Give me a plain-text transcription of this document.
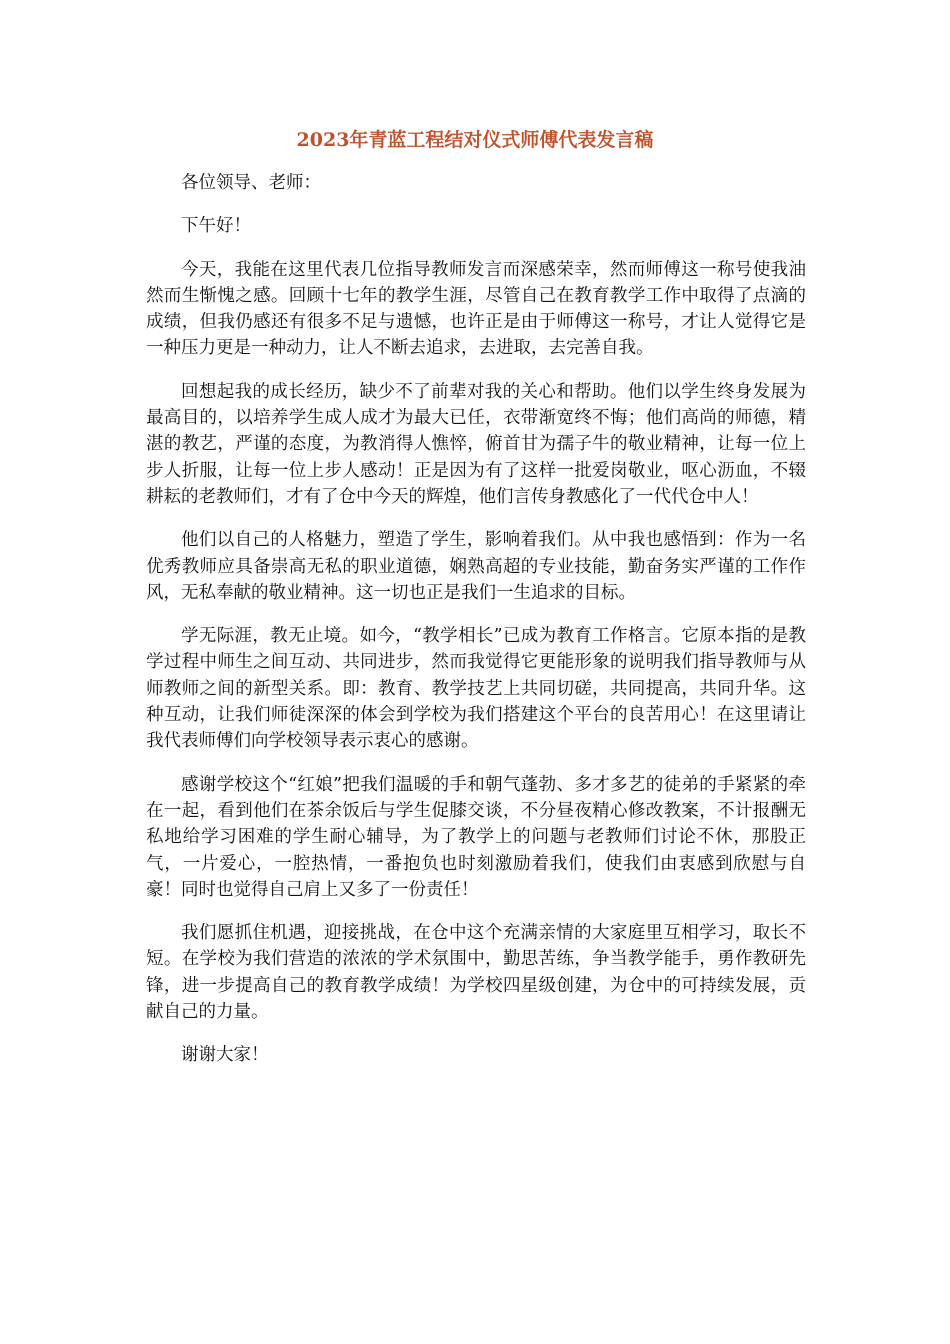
2023年青蓝工程结对仪式师傅代表发言稿

各位领导、老师：

下午好！

今天，我能在这里代表几位指导教师发言而深感荣幸，然而师傅这一称号使我油然而生惭愧之感。回顾十七年的教学生涯，尽管自己在教育教学工作中取得了点滴的成绩，但我仍感还有很多不足与遗憾，也许正是由于师傅这一称号，才让人觉得它是一种压力更是一种动力，让人不断去追求，去进取，去完善自我。

回想起我的成长经历，缺少不了前辈对我的关心和帮助。他们以学生终身发展为最高目的，以培养学生成人成才为最大已任，衣带渐宽终不悔；他们高尚的师德，精湛的教艺，严谨的态度，为教消得人憔悴，俯首甘为孺子牛的敬业精神，让每一位上步人折服，让每一位上步人感动！正是因为有了这样一批爱岗敬业，呕心沥血，不辍耕耘的老教师们，才有了仓中今天的辉煌，他们言传身教感化了一代代仓中人！

他们以自己的人格魅力，塑造了学生，影响着我们。从中我也感悟到：作为一名优秀教师应具备崇高无私的职业道德，娴熟高超的专业技能，勤奋务实严谨的工作作风，无私奉献的敬业精神。这一切也正是我们一生追求的目标。

学无际涯，教无止境。如今，“教学相长”已成为教育工作格言。它原本指的是教学过程中师生之间互动、共同进步，然而我觉得它更能形象的说明我们指导教师与从师教师之间的新型关系。即：教育、教学技艺上共同切磋，共同提高，共同升华。这种互动，让我们师徒深深的体会到学校为我们搭建这个平台的良苦用心！在这里请让我代表师傅们向学校领导表示衷心的感谢。

感谢学校这个“红娘”把我们温暖的手和朝气蓬勃、多才多艺的徒弟的手紧紧的牵在一起，看到他们在茶余饭后与学生促膝交谈，不分昼夜精心修改教案，不计报酬无私地给学习困难的学生耐心辅导，为了教学上的问题与老教师们讨论不休，那股正气，一片爱心，一腔热情，一番抱负也时刻激励着我们，使我们由衷感到欣慰与自豪！同时也觉得自己肩上又多了一份责任！

我们愿抓住机遇，迎接挑战，在仓中这个充满亲情的大家庭里互相学习，取长不短。在学校为我们营造的浓浓的学术氛围中，勤思苦练，争当教学能手，勇作教研先锋，进一步提高自己的教育教学成绩！为学校四星级创建，为仓中的可持续发展，贡献自己的力量。

谢谢大家！
